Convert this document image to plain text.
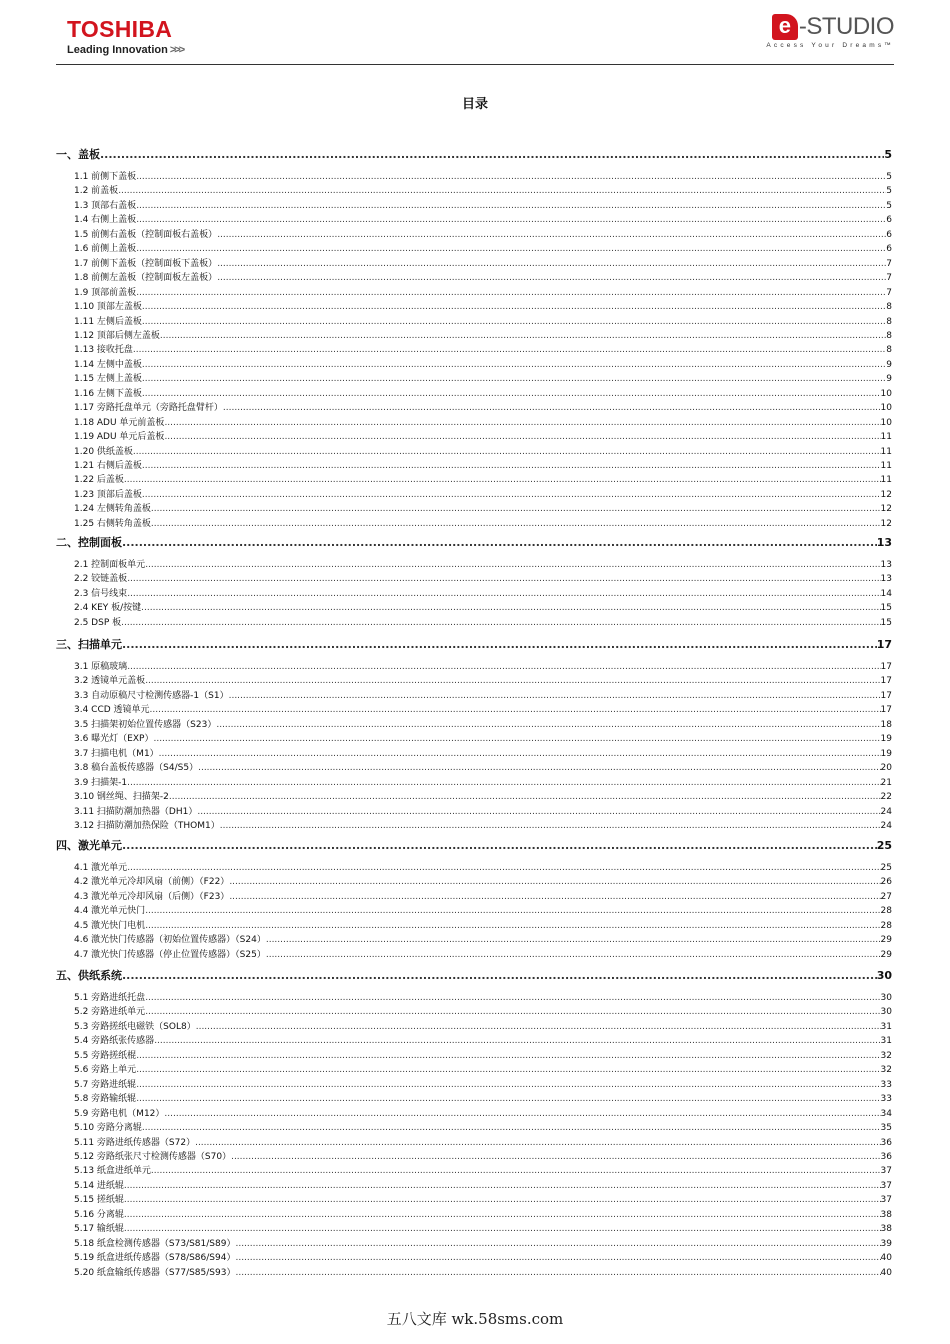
TOSHIBA
Leading Innovation >>>
e -STUDIO
Access Your Dreams™
目录
一、盖板 .....	5
1.1 前侧下盖板 .....	5
1.2 前盖板 .....	5
1.3 顶部右盖板 .....	5
1.4 右侧上盖板 .....	6
1.5 前侧右盖板（控制面板右盖板） .....	6
1.6 前侧上盖板 .....	6
1.7 前侧下盖板（控制面板下盖板） .....	7
1.8 前侧左盖板（控制面板左盖板） .....	7
1.9 顶部前盖板 .....	7
1.10 顶部左盖板 .....	8
1.11 左侧后盖板 .....	8
1.12 顶部后侧左盖板 .....	8
1.13 接收托盘 .....	8
1.14 左侧中盖板 .....	9
1.15 左侧上盖板 .....	9
1.16 左侧下盖板 .....	10
1.17 旁路托盘单元（旁路托盘臂杆） .....	10
1.18 ADU 单元前盖板 .....	10
1.19 ADU 单元后盖板 .....	11
1.20 供纸盖板 .....	11
1.21 右侧后盖板 .....	11
1.22 后盖板 .....	11
1.23 顶部后盖板 .....	12
1.24 左侧转角盖板 .....	12
1.25 右侧转角盖板 .....	12
二、控制面板 .....	13
2.1 控制面板单元 .....	13
2.2 铰链盖板 .....	13
2.3 信号线束 .....	14
2.4 KEY 板/按键 .....	15
2.5 DSP 板 .....	15
三、扫描单元 .....	17
3.1 原稿玻璃 .....	17
3.2 透镜单元盖板 .....	17
3.3 自动原稿尺寸检测传感器-1（S1） .....	17
3.4 CCD 透镜单元 .....	17
3.5 扫描架初始位置传感器（S23） .....	18
3.6 曝光灯（EXP） .....	19
3.7 扫描电机（M1） .....	19
3.8 稿台盖板传感器（S4/S5） .....	20
3.9 扫描架-1 .....	21
3.10 钢丝绳、扫描架-2 .....	22
3.11 扫描防潮加热器（DH1） .....	24
3.12 扫描防潮加热保险（THOM1） .....	24
四、激光单元 .....	25
4.1 激光单元 .....	25
4.2 激光单元冷却风扇（前侧）（F22） .....	26
4.3 激光单元冷却风扇（后侧）（F23） .....	27
4.4 激光单元快门 .....	28
4.5 激光快门电机 .....	28
4.6 激光快门传感器（初始位置传感器）（S24） .....	29
4.7 激光快门传感器（停止位置传感器）（S25） .....	29
五、供纸系统 .....	30
5.1 旁路进纸托盘 .....	30
5.2 旁路进纸单元 .....	30
5.3 旁路搓纸电磁铁（SOL8） .....	31
5.4 旁路纸张传感器 .....	31
5.5 旁路搓纸棍 .....	32
5.6 旁路上单元 .....	32
5.7 旁路进纸辊 .....	33
5.8 旁路输纸辊 .....	33
5.9 旁路电机（M12） .....	34
5.10 旁路分离辊 .....	35
5.11 旁路进纸传感器（S72） .....	36
5.12 旁路纸张尺寸检测传感器（S70） .....	36
5.13 纸盒进纸单元 .....	37
5.14 进纸辊 .....	37
5.15 搓纸辊 .....	37
5.16 分离辊 .....	38
5.17 输纸辊 .....	38
5.18 纸盒检测传感器（S73/S81/S89） .....	39
5.19 纸盒进纸传感器（S78/S86/S94） .....	40
5.20 纸盒输纸传感器（S77/S85/S93） .....	40
五八文库 wk.58sms.com
